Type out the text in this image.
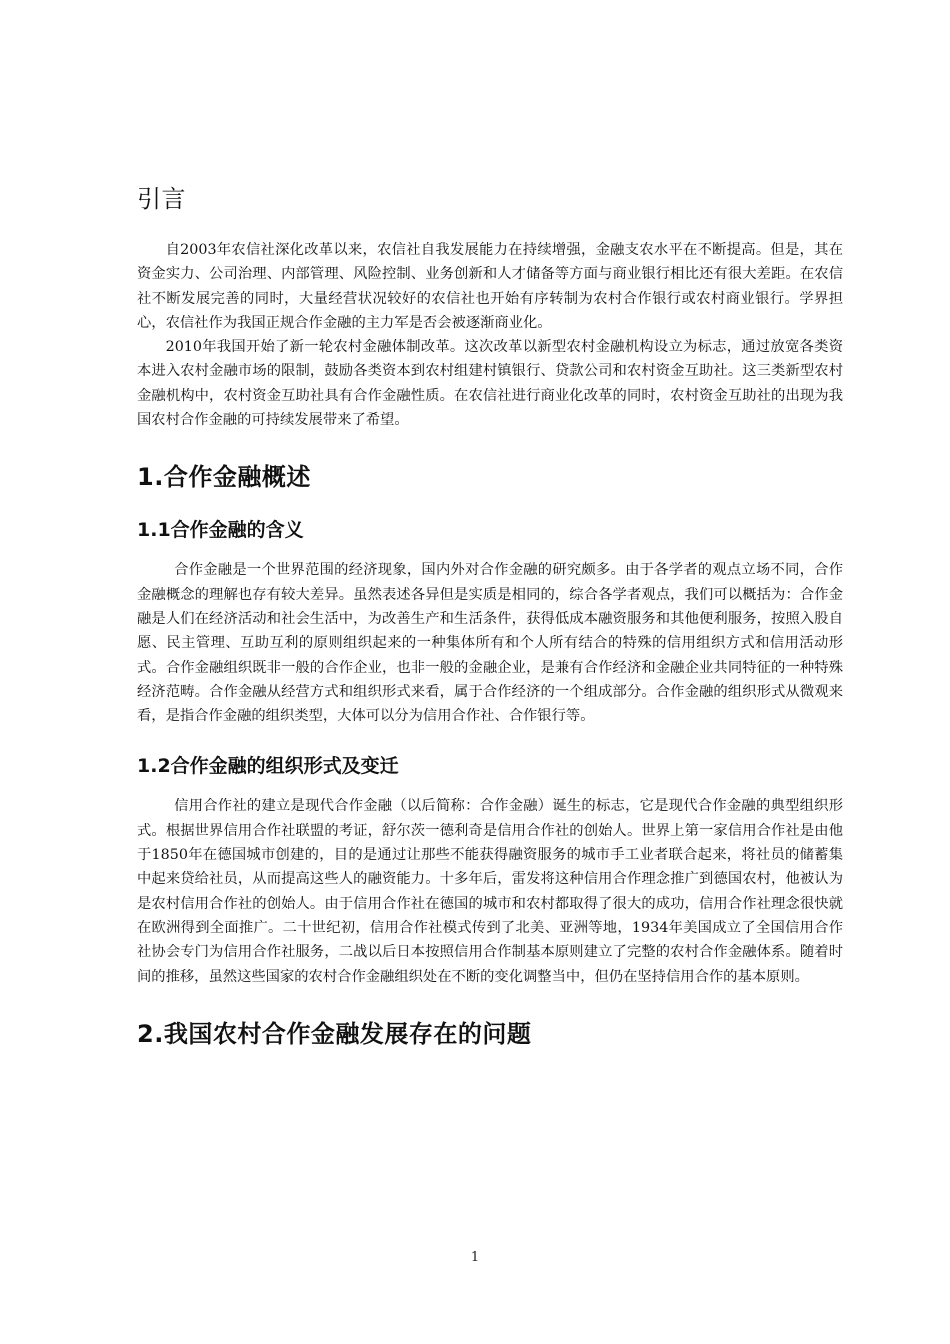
引言

自2003年农信社深化改革以来，农信社自我发展能力在持续增强，金融支农水平在不断提高。但是，其在资金实力、公司治理、内部管理、风险控制、业务创新和人才储备等方面与商业银行相比还有很大差距。在农信社不断发展完善的同时，大量经营状况较好的农信社也开始有序转制为农村合作银行或农村商业银行。学界担心，农信社作为我国正规合作金融的主力军是否会被逐渐商业化。

2010年我国开始了新一轮农村金融体制改革。这次改革以新型农村金融机构设立为标志，通过放宽各类资本进入农村金融市场的限制，鼓励各类资本到农村组建村镇银行、贷款公司和农村资金互助社。这三类新型农村金融机构中，农村资金互助社具有合作金融性质。在农信社进行商业化改革的同时，农村资金互助社的出现为我国农村合作金融的可持续发展带来了希望。

1.合作金融概述
1.1合作金融的含义

合作金融是一个世界范围的经济现象，国内外对合作金融的研究颇多。由于各学者的观点立场不同，合作金融概念的理解也存有较大差异。虽然表述各异但是实质是相同的，综合各学者观点，我们可以概括为：合作金融是人们在经济活动和社会生活中，为改善生产和生活条件，获得低成本融资服务和其他便利服务，按照入股自愿、民主管理、互助互利的原则组织起来的一种集体所有和个人所有结合的特殊的信用组织方式和信用活动形式。合作金融组织既非一般的合作企业，也非一般的金融企业，是兼有合作经济和金融企业共同特征的一种特殊经济范畴。合作金融从经营方式和组织形式来看，属于合作经济的一个组成部分。合作金融的组织形式从微观来看，是指合作金融的组织类型，大体可以分为信用合作社、合作银行等。

1.2合作金融的组织形式及变迁

信用合作社的建立是现代合作金融（以后简称：合作金融）诞生的标志，它是现代合作金融的典型组织形式。根据世界信用合作社联盟的考证，舒尔茨一德利奇是信用合作社的创始人。世界上第一家信用合作社是由他于1850年在德国城市创建的，目的是通过让那些不能获得融资服务的城市手工业者联合起来，将社员的储蓄集中起来贷给社员，从而提高这些人的融资能力。十多年后，雷发将这种信用合作理念推广到德国农村，他被认为是农村信用合作社的创始人。由于信用合作社在德国的城市和农村都取得了很大的成功，信用合作社理念很快就在欧洲得到全面推广。二十世纪初，信用合作社模式传到了北美、亚洲等地，1934年美国成立了全国信用合作社协会专门为信用合作社服务，二战以后日本按照信用合作制基本原则建立了完整的农村合作金融体系。随着时间的推移，虽然这些国家的农村合作金融组织处在不断的变化调整当中，但仍在坚持信用合作的基本原则。

2.我国农村合作金融发展存在的问题
1
